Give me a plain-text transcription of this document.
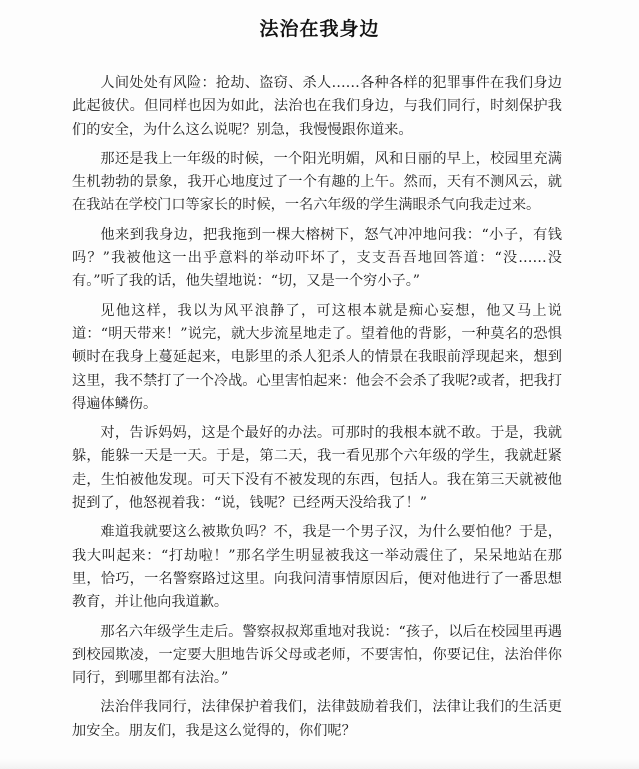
法治在我身边

人间处处有风险：抢劫、盗窃、杀人……各种各样的犯罪事件在我们身边此起彼伏。但同样也因为如此，法治也在我们身边，与我们同行，时刻保护我们的安全，为什么这么说呢？别急，我慢慢跟你道来。

那还是我上一年级的时候，一个阳光明媚，风和日丽的早上，校园里充满生机勃勃的景象，我开心地度过了一个有趣的上午。然而，天有不测风云，就在我站在学校门口等家长的时候，一名六年级的学生满眼杀气向我走过来。

他来到我身边，把我拖到一棵大榕树下，怒气冲冲地问我：“小子，有钱吗？”我被他这一出乎意料的举动吓坏了，支支吾吾地回答道：“没……没有。”听了我的话，他失望地说：“切，又是一个穷小子。”

见他这样，我以为风平浪静了，可这根本就是痴心妄想，他又马上说道：“明天带来！”说完，就大步流星地走了。望着他的背影，一种莫名的恐惧顿时在我身上蔓延起来，电影里的杀人犯杀人的情景在我眼前浮现起来，想到这里，我不禁打了一个冷战。心里害怕起来：他会不会杀了我呢?或者，把我打得遍体鳞伤。

对，告诉妈妈，这是个最好的办法。可那时的我根本就不敢。于是，我就躲，能躲一天是一天。于是，第二天，我一看见那个六年级的学生，我就赶紧走，生怕被他发现。可天下没有不被发现的东西，包括人。我在第三天就被他捉到了，他怒视着我：“说，钱呢？已经两天没给我了！”

难道我就要这么被欺负吗？不，我是一个男子汉，为什么要怕他？于是，我大叫起来：“打劫啦！”那名学生明显被我这一举动震住了，呆呆地站在那里，恰巧，一名警察路过这里。向我问清事情原因后，便对他进行了一番思想教育，并让他向我道歉。

那名六年级学生走后。警察叔叔郑重地对我说：“孩子，以后在校园里再遇到校园欺凌，一定要大胆地告诉父母或老师，不要害怕，你要记住，法治伴你同行，到哪里都有法治。”

法治伴我同行，法律保护着我们，法律鼓励着我们，法律让我们的生活更加安全。朋友们，我是这么觉得的，你们呢？
